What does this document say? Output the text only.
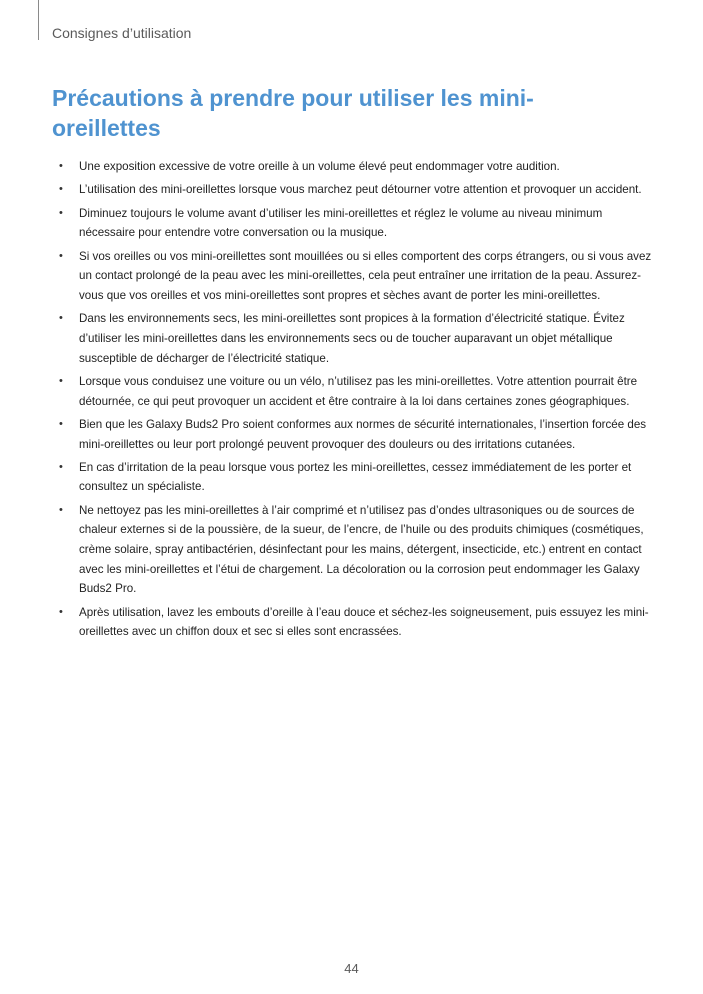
Consignes d’utilisation
Précautions à prendre pour utiliser les mini-oreillettes
• Une exposition excessive de votre oreille à un volume élevé peut endommager votre audition.
• L’utilisation des mini-oreillettes lorsque vous marchez peut détourner votre attention et provoquer un accident.
• Diminuez toujours le volume avant d’utiliser les mini-oreillettes et réglez le volume au niveau minimum nécessaire pour entendre votre conversation ou la musique.
• Si vos oreilles ou vos mini-oreillettes sont mouillées ou si elles comportent des corps étrangers, ou si vous avez un contact prolongé de la peau avec les mini-oreillettes, cela peut entraîner une irritation de la peau. Assurez-vous que vos oreilles et vos mini-oreillettes sont propres et sèches avant de porter les mini-oreillettes.
• Dans les environnements secs, les mini-oreillettes sont propices à la formation d’électricité statique. Évitez d’utiliser les mini-oreillettes dans les environnements secs ou de toucher auparavant un objet métallique susceptible de décharger de l’électricité statique.
• Lorsque vous conduisez une voiture ou un vélo, n’utilisez pas les mini-oreillettes. Votre attention pourrait être détournée, ce qui peut provoquer un accident et être contraire à la loi dans certaines zones géographiques.
• Bien que les Galaxy Buds2 Pro soient conformes aux normes de sécurité internationales, l’insertion forcée des mini-oreillettes ou leur port prolongé peuvent provoquer des douleurs ou des irritations cutanées.
• En cas d’irritation de la peau lorsque vous portez les mini-oreillettes, cessez immédiatement de les porter et consultez un spécialiste.
• Ne nettoyez pas les mini-oreillettes à l’air comprimé et n’utilisez pas d’ondes ultrasoniques ou de sources de chaleur externes si de la poussière, de la sueur, de l’encre, de l’huile ou des produits chimiques (cosmétiques, crème solaire, spray antibactérien, désinfectant pour les mains, détergent, insecticide, etc.) entrent en contact avec les mini-oreillettes et l’étui de chargement. La décoloration ou la corrosion peut endommager les Galaxy Buds2 Pro.
• Après utilisation, lavez les embouts d’oreille à l’eau douce et séchez-les soigneusement, puis essuyez les mini-oreillettes avec un chiffon doux et sec si elles sont encrassées.
44
